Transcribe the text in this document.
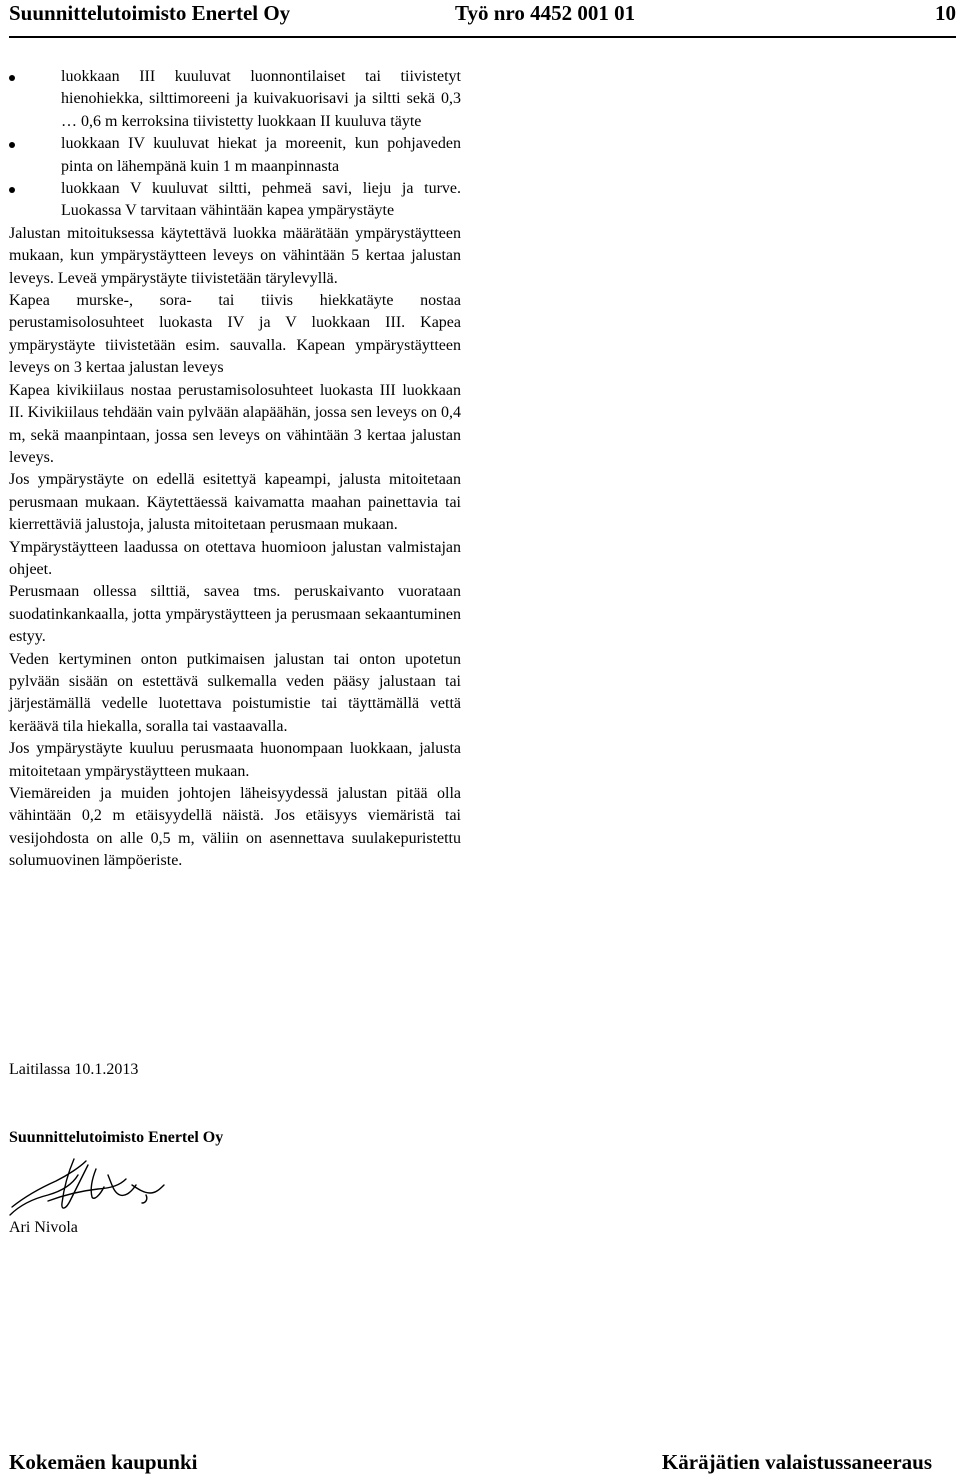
Suunnittelutoimisto Enertel Oy	Työ nro 4452 001 01	10
luokkaan III kuuluvat luonnontilaiset tai tiivistetyt hienohiekka, silttimoreeni ja kuivakuorisavi ja siltti sekä 0,3 … 0,6 m kerroksina tiivistetty luokkaan II kuuluva täyte
luokkaan IV kuuluvat hiekat ja moreenit, kun pohjaveden pinta on lähempänä kuin 1 m maanpinnasta
luokkaan V kuuluvat siltti, pehmeä savi, lieju ja turve. Luokassa V tarvitaan vähintään kapea ympärystäyte

Jalustan mitoituksessa käytettävä luokka määrätään ympärystäytteen mukaan, kun ympärystäytteen leveys on vähintään 5 kertaa jalustan leveys. Leveä ympärystäyte tiivistetään tärylevyllä.

Kapea murske-, sora- tai tiivis hiekkatäyte nostaa perustamisolosuhteet luokasta IV ja V luokkaan III. Kapea ympärystäyte tiivistetään esim. sauvalla. Kapean ympärystäytteen leveys on 3 kertaa jalustan leveys

Kapea kivikiilaus nostaa perustamisolosuhteet luokasta III luokkaan II. Kivikiilaus tehdään vain pylvään alapäähän, jossa sen leveys on 0,4 m, sekä maanpintaan, jossa sen leveys on vähintään 3 kertaa jalustan leveys.

Jos ympärystäyte on edellä esitettyä kapeampi, jalusta mitoitetaan perusmaan mukaan. Käytettäessä kaivamatta maahan painettavia tai kierrettäviä jalustoja, jalusta mitoitetaan perusmaan mukaan.

Ympärystäytteen laadussa on otettava huomioon jalustan valmistajan ohjeet.

Perusmaan ollessa silttiä, savea tms. peruskaivanto vuorataan suodatinkankaalla, jotta ympärystäytteen ja perusmaan sekaantuminen estyy.

Veden kertyminen onton putkimaisen jalustan tai onton upotetun pylvään sisään on estettävä sulkemalla veden pääsy jalustaan tai järjestämällä vedelle luotettava poistumistie tai täyttämällä vettä keräävä tila hiekalla, soralla tai vastaavalla.

Jos ympärystäyte kuuluu perusmaata huonompaan luokkaan, jalusta mitoitetaan ympärystäytteen mukaan.

Viemäreiden ja muiden johtojen läheisyydessä jalustan pitää olla vähintään 0,2 m etäisyydellä näistä. Jos etäisyys viemäristä tai vesijohdosta on alle 0,5 m, väliin on asennettava suulakepuristettu solumuovinen lämpöeriste.

Laitilassa 10.1.2013
Suunnittelutoimisto Enertel Oy
Ari Nivola
Kokemäen kaupunki	Käräjätien valaistussaneeraus
